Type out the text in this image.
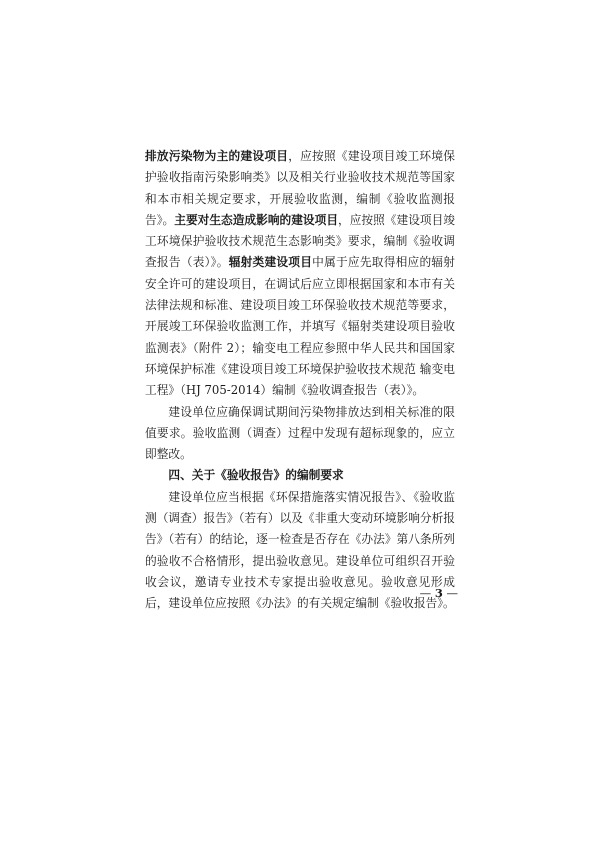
排放污染物为主的建设项目，应按照《建设项目竣工环境保护验收指南污染影响类》以及相关行业验收技术规范等国家和本市相关规定要求，开展验收监测，编制《验收监测报告》。主要对生态造成影响的建设项目，应按照《建设项目竣工环境保护验收技术规范生态影响类》要求，编制《验收调查报告（表）》。辐射类建设项目中属于应先取得相应的辐射安全许可的建设项目，在调试后应立即根据国家和本市有关法律法规和标准、建设项目竣工环保验收技术规范等要求，开展竣工环保验收监测工作，并填写《辐射类建设项目验收监测表》（附件 2）；输变电工程应参照中华人民共和国国家环境保护标准《建设项目竣工环境保护验收技术规范 输变电工程》（HJ 705-2014）编制《验收调查报告（表）》。

建设单位应确保调试期间污染物排放达到相关标准的限值要求。验收监测（调查）过程中发现有超标现象的，应立即整改。

四、关于《验收报告》的编制要求

建设单位应当根据《环保措施落实情况报告》、《验收监测（调查）报告》（若有）以及《非重大变动环境影响分析报告》（若有）的结论，逐一检查是否存在《办法》第八条所列的验收不合格情形，提出验收意见。建设单位可组织召开验收会议，邀请专业技术专家提出验收意见。验收意见形成后，建设单位应按照《办法》的有关规定编制《验收报告》。

— 3 —
